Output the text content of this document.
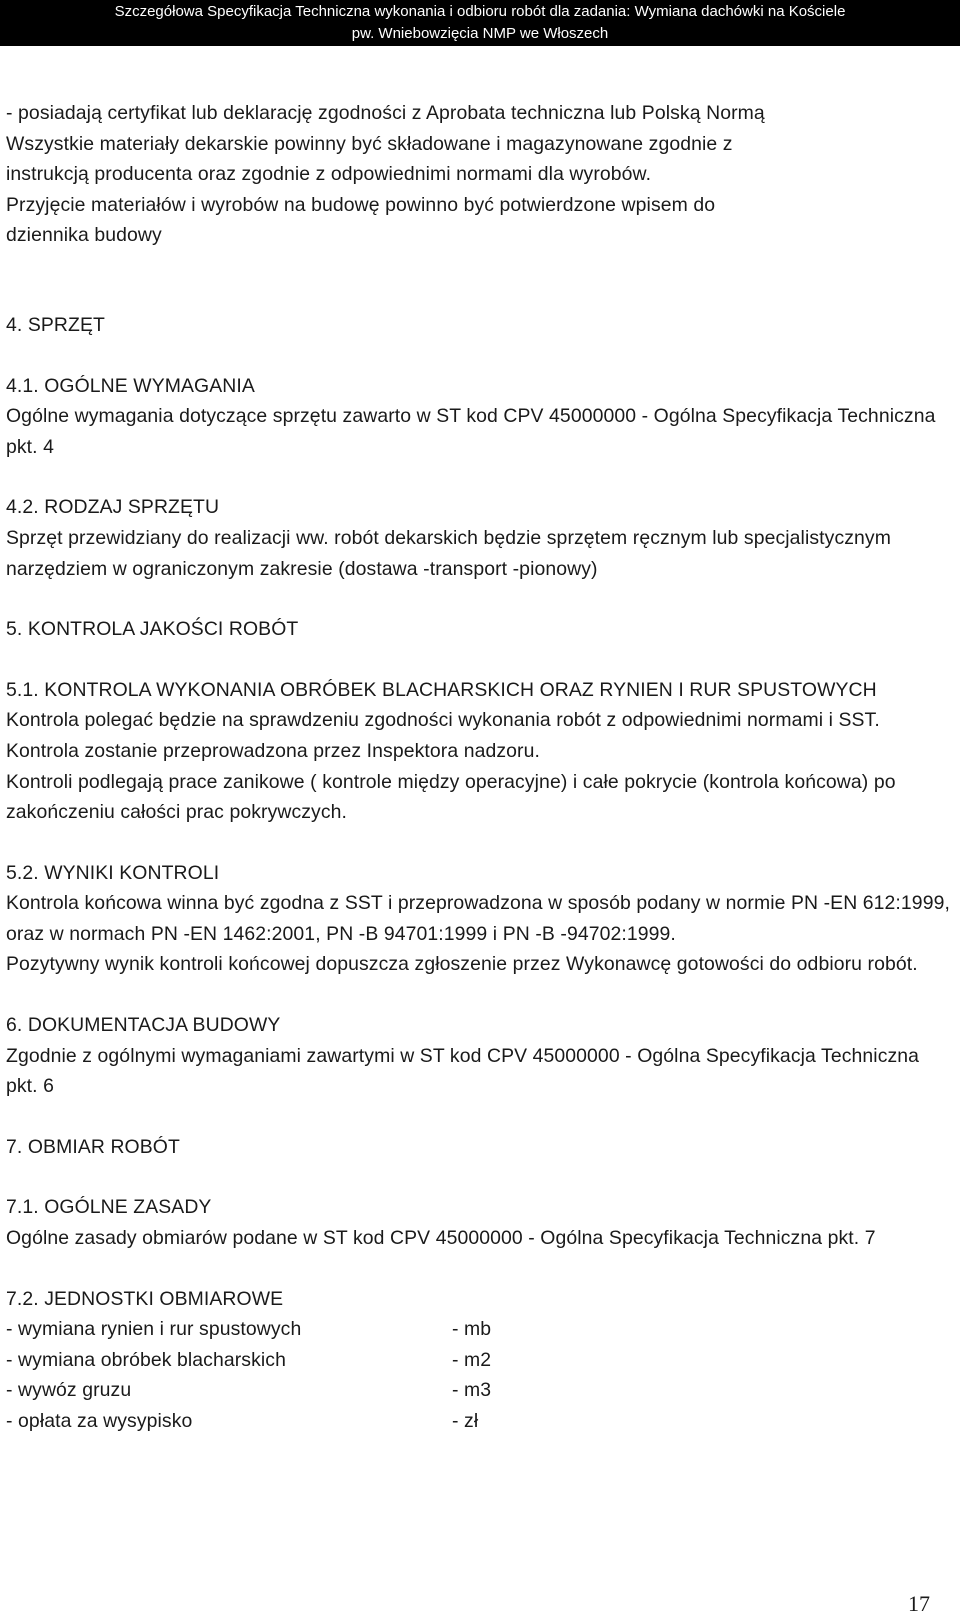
Szczegółowa Specyfikacja Techniczna wykonania i odbioru robót dla zadania: Wymiana dachówki na Kościele
pw. Wniebowzięcia NMP we Włoszech

- posiadają certyfikat lub deklarację zgodności z Aprobata techniczna lub Polską Normą

Wszystkie materiały dekarskie powinny być składowane i magazynowane zgodnie z

instrukcją producenta oraz zgodnie z odpowiednimi normami dla wyrobów.

Przyjęcie materiałów i wyrobów na budowę powinno być potwierdzone wpisem do

dziennika budowy

4. SPRZĘT

4.1. OGÓLNE WYMAGANIA

Ogólne wymagania dotyczące sprzętu zawarto w ST kod CPV 45000000 - Ogólna Specyfikacja Techniczna pkt. 4

4.2. RODZAJ SPRZĘTU

Sprzęt przewidziany do realizacji ww. robót dekarskich będzie sprzętem ręcznym lub specjalistycznym narzędziem w ograniczonym zakresie (dostawa -transport -pionowy)

5. KONTROLA JAKOŚCI ROBÓT

5.1. KONTROLA WYKONANIA OBRÓBEK BLACHARSKICH ORAZ RYNIEN I RUR SPUSTOWYCH

Kontrola polegać będzie na sprawdzeniu zgodności wykonania robót z odpowiednimi normami i SST. Kontrola zostanie przeprowadzona przez Inspektora nadzoru.

Kontroli podlegają prace zanikowe ( kontrole między operacyjne) i całe pokrycie (kontrola końcowa) po zakończeniu całości prac pokrywczych.

5.2. WYNIKI KONTROLI

Kontrola końcowa winna być zgodna z SST i przeprowadzona w sposób podany w normie PN -EN 612:1999, oraz w normach PN -EN 1462:2001, PN -B 94701:1999 i PN -B -94702:1999.

Pozytywny wynik kontroli końcowej dopuszcza zgłoszenie przez Wykonawcę gotowości do odbioru robót.

6. DOKUMENTACJA BUDOWY

Zgodnie z ogólnymi wymaganiami zawartymi w ST kod CPV 45000000 - Ogólna Specyfikacja Techniczna pkt. 6

7. OBMIAR ROBÓT

7.1. OGÓLNE ZASADY

Ogólne zasady obmiarów podane w ST kod CPV 45000000 - Ogólna Specyfikacja Techniczna pkt. 7

7.2. JEDNOSTKI OBMIAROWE

- wymiana rynien i rur spustowych	- mb
- wymiana obróbek blacharskich	- m2
- wywóz gruzu	- m3
- opłata za wysypisko	- zł
17
